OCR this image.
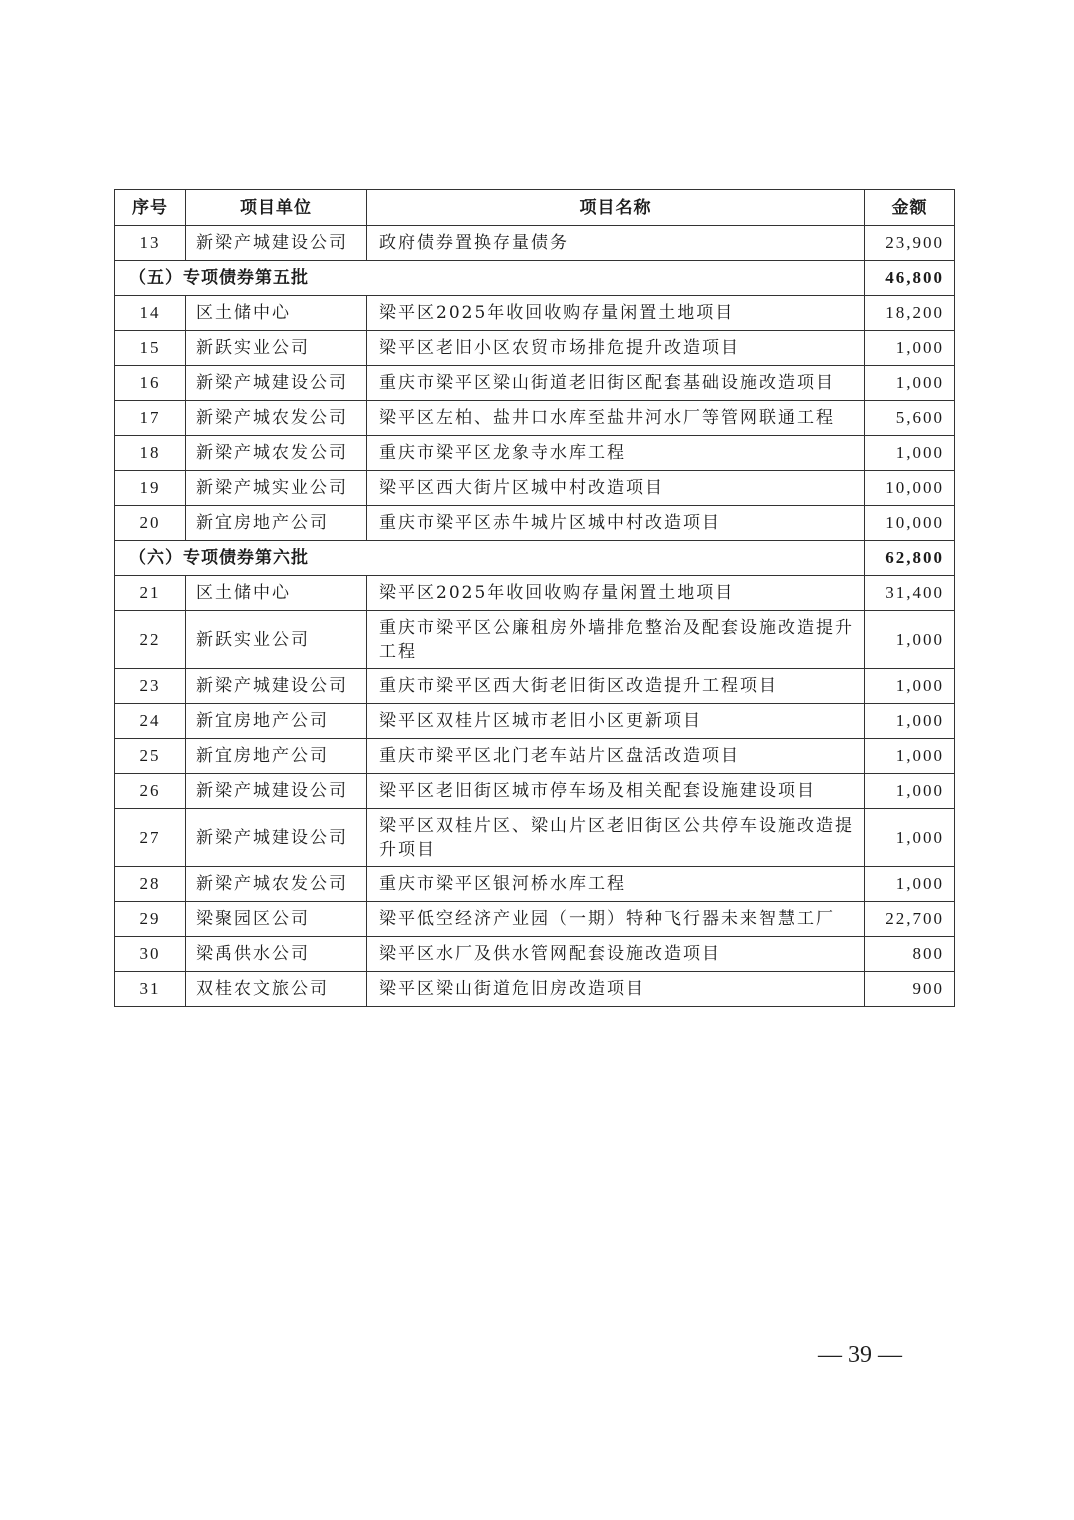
序号	项目单位	项目名称	金额
13	新梁产城建设公司	政府债券置换存量债务	23,900
（五）专项债券第五批			46,800
14	区土储中心	梁平区2025年收回收购存量闲置土地项目	18,200
15	新跃实业公司	梁平区老旧小区农贸市场排危提升改造项目	1,000
16	新梁产城建设公司	重庆市梁平区梁山街道老旧街区配套基础设施改造项目	1,000
17	新梁产城农发公司	梁平区左柏、盐井口水库至盐井河水厂等管网联通工程	5,600
18	新梁产城农发公司	重庆市梁平区龙象寺水库工程	1,000
19	新梁产城实业公司	梁平区西大街片区城中村改造项目	10,000
20	新宜房地产公司	重庆市梁平区赤牛城片区城中村改造项目	10,000
（六）专项债券第六批			62,800
21	区土储中心	梁平区2025年收回收购存量闲置土地项目	31,400
22	新跃实业公司	重庆市梁平区公廉租房外墙排危整治及配套设施改造提升工程	1,000
23	新梁产城建设公司	重庆市梁平区西大街老旧街区改造提升工程项目	1,000
24	新宜房地产公司	梁平区双桂片区城市老旧小区更新项目	1,000
25	新宜房地产公司	重庆市梁平区北门老车站片区盘活改造项目	1,000
26	新梁产城建设公司	梁平区老旧街区城市停车场及相关配套设施建设项目	1,000
27	新梁产城建设公司	梁平区双桂片区、梁山片区老旧街区公共停车设施改造提升项目	1,000
28	新梁产城农发公司	重庆市梁平区银河桥水库工程	1,000
29	梁聚园区公司	梁平低空经济产业园（一期）特种飞行器未来智慧工厂	22,700
30	梁禹供水公司	梁平区水厂及供水管网配套设施改造项目	800
31	双桂农文旅公司	梁平区梁山街道危旧房改造项目	900
— 39 —
